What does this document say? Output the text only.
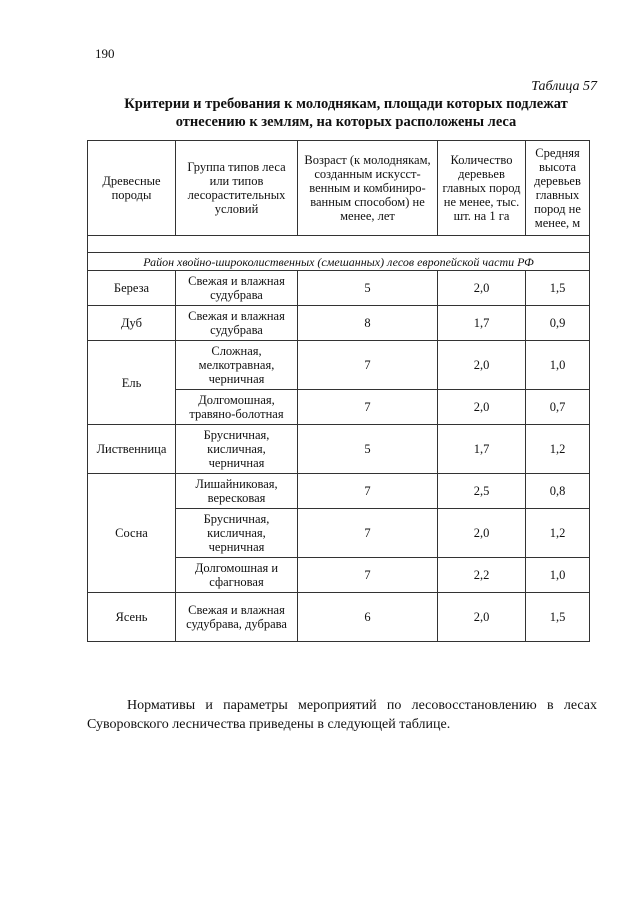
190
Таблица 57
Критерии и требования к молоднякам, площади которых подлежат
отнесению к землям, на которых расположены леса
Древесные породы	Группа типов леса или типов лесорастительных условий	Возраст (к молоднякам, созданным искусст-венным и комбиниро-ванным способом) не менее, лет	Количество деревьев главных пород не менее, тыс. шт. на 1 га	Средняя высота деревьев главных пород не менее, м

Район хвойно-широколиственных (смешанных) лесов европейской части РФ				
Береза	Свежая и влажная судубрава	5	2,0	1,5
Дуб	Свежая и влажная судубрава	8	1,7	0,9
Ель	Сложная, мелкотравная, черничная	7	2,0	1,0
	Долгомошная, травяно-болотная	7	2,0	0,7
Лиственница	Брусничная, кисличная, черничная	5	1,7	1,2
Сосна	Лишайниковая, вересковая	7	2,5	0,8
	Брусничная, кисличная, черничная	7	2,0	1,2
	Долгомошная и сфагновая	7	2,2	1,0
Ясень	Свежая и влажная судубрава, дубрава	6	2,0	1,5

Нормативы и параметры мероприятий по лесовосстановлению в лесах Суворовского лесничества приведены в следующей таблице.
